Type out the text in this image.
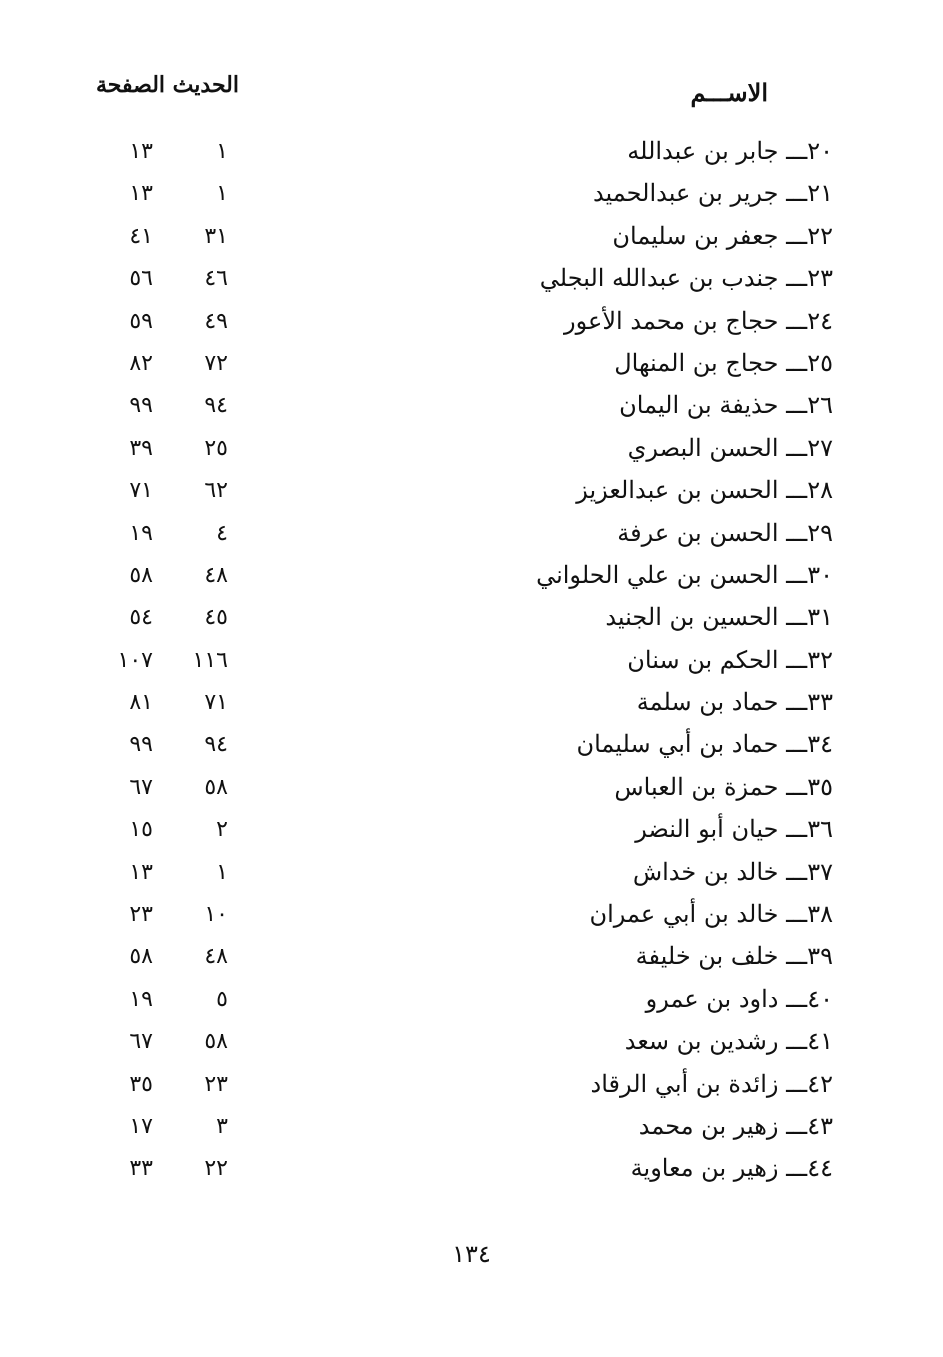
الاســـم
الحديث الصفحة
٢٠ـــ جابر بن عبدالله
١
١٣
٢١ـــ جرير بن عبدالحميد
١
١٣
٢٢ـــ جعفر بن سليمان
٣١
٤١
٢٣ـــ جندب بن عبدالله البجلي
٤٦
٥٦
٢٤ـــ حجاج بن محمد الأعور
٤٩
٥٩
٢٥ـــ حجاج بن المنهال
٧٢
٨٢
٢٦ـــ حذيفة بن اليمان
٩٤
٩٩
٢٧ـــ الحسن البصري
٢٥
٣٩
٢٨ـــ الحسن بن عبدالعزيز
٦٢
٧١
٢٩ـــ الحسن بن عرفة
٤
١٩
٣٠ـــ الحسن بن علي الحلواني
٤٨
٥٨
٣١ـــ الحسين بن الجنيد
٤٥
٥٤
٣٢ـــ الحكم بن سنان
١١٦
١٠٧
٣٣ـــ حماد بن سلمة
٧١
٨١
٣٤ـــ حماد بن أبي سليمان
٩٤
٩٩
٣٥ـــ حمزة بن العباس
٥٨
٦٧
٣٦ـــ حيان أبو النضر
٢
١٥
٣٧ـــ خالد بن خداش
١
١٣
٣٨ـــ خالد بن أبي عمران
١٠
٢٣
٣٩ـــ خلف بن خليفة
٤٨
٥٨
٤٠ـــ داود بن عمرو
٥
١٩
٤١ـــ رشدين بن سعد
٥٨
٦٧
٤٢ـــ زائدة بن أبي الرقاد
٢٣
٣٥
٤٣ـــ زهير بن محمد
٣
١٧
٤٤ـــ زهير بن معاوية
٢٢
٣٣
١٣٤
